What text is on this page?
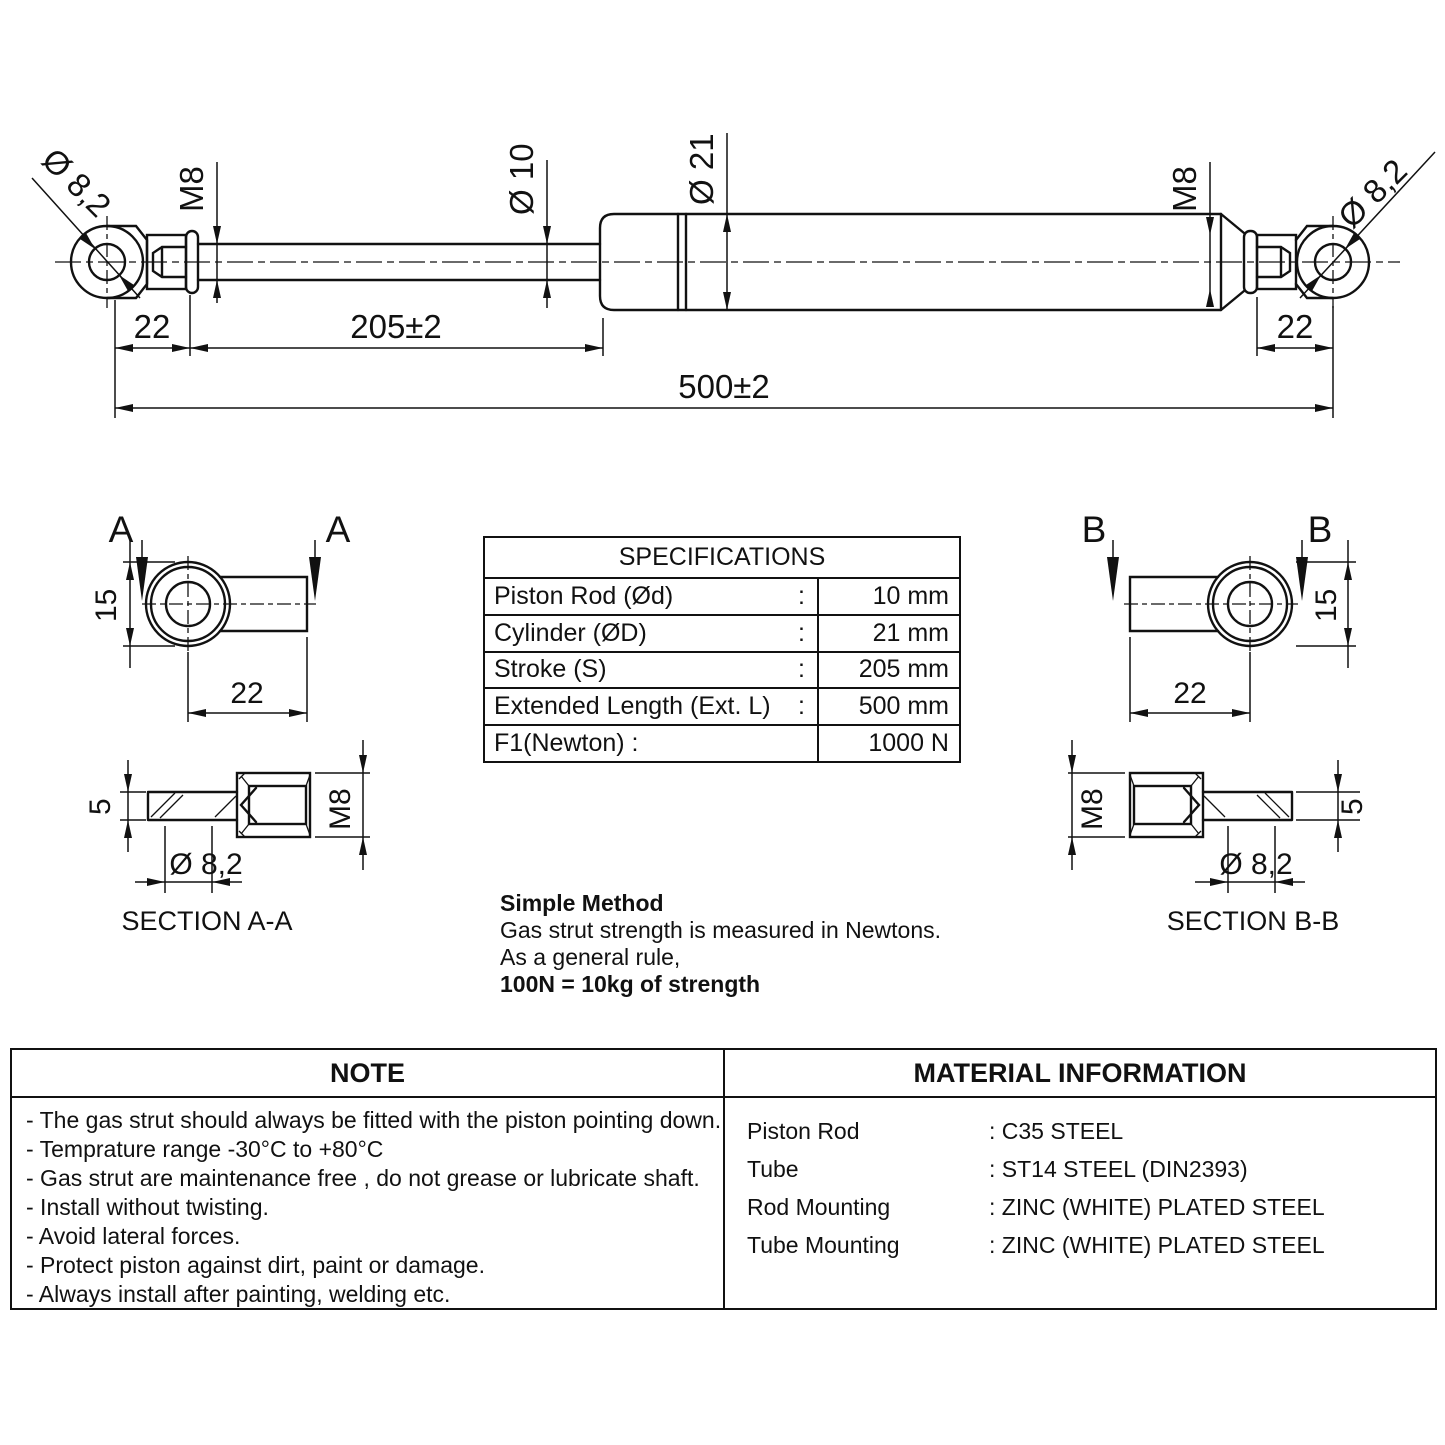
Ø 8,2 M8	Ø 10	Ø 21	M8	Ø 8,2
22	205±2	22
500±2
A	A
15
22
5	M8
Ø 8,2
SECTION A-A
B	B
15
22
M8	5
Ø 8,2
SECTION B-B
SPECIFICATIONS
Piston Rod (Ød)	:	10 mm
Cylinder (ØD)	:	21 mm
Stroke (S)	:	205 mm
Extended Length (Ext. L) :	500 mm
F1(Newton) :	1000 N
Simple Method
Gas strut strength is measured in Newtons.
As a general rule,
100N = 10kg of strength
NOTE	MATERIAL INFORMATION
- The gas strut should always be fitted with the piston pointing down.
- Temprature range -30°C to +80°C
- Gas strut are maintenance free , do not grease or lubricate shaft.
- Install without twisting.
- Avoid lateral forces.
- Protect piston against dirt, paint or damage.
- Always install after painting, welding etc.
Piston Rod	: C35 STEEL
Tube	: ST14 STEEL (DIN2393)
Rod Mounting	: ZINC (WHITE) PLATED STEEL
Tube Mounting	: ZINC (WHITE) PLATED STEEL
